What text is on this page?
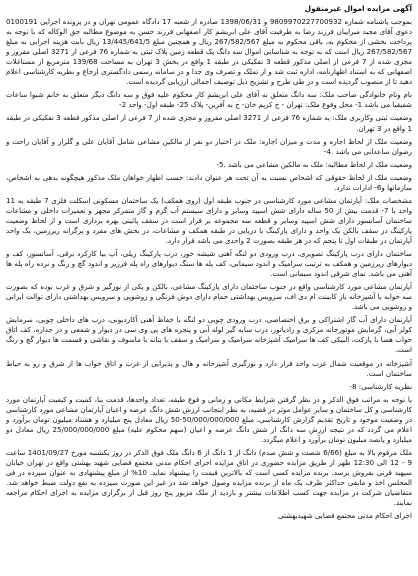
آگهی مزایده اموال غیرمنقول

بموجب پاشنامه شماره 9809970227700932 و 1398/06/31 صادره از شعبه 17 دادگاه عمومی تهران و در پرونده اجرایی 0100191 دعوی آقای مجید میرایبان فرزند رضا به طرفیت آقای علی ابریشم کار اصفهانی فرزند حسن به موضوع مطالبه حق الوکاله که با توجه به پرداخت بخشی از محکوم به، باقی محکوم به مبلغ 267/582/567 ریال و همچنین مبلغ 13/445/641/5 ریال بابت هزینه اجرایی به مبلغ 267/582/567 ریال است که به توجه به شناسایی اموال سه دانگ یک قطعه زمین پلاک ثبتی به شماره 76 فرعی از 3271 اصلی مفروز و مجزی شده از 7 فرعی از اصلی مذکور قطعه 3 تفکیکی در طبقه 1 واقع در بخش 3 تهران به مساحت 139/68 مترمربع از مستاغلات اصفهانی که به استناد اظهارنامه، اداره ثبت شد و از تملک و تصرف وی جدا و در سامانه رسمی دادگستری ارجاع و نظریه کارشناسی اعلام دهید تا از منصوب گردیده است و در طی طرح و تشریح ذیل توصیف اجمالی ارزیابی گردیده است.

نام ونام خانوادگی صاحب ملک: سه دانگ متعلق به آقای علی ابریشم کار محکوم علیه فوق و سه دانگ دیگر متعلق به خانم شیوا ساعات شفیقیا می باشد 1- محل وقوع ملک: تهران - خ کریم خان- خ به آفرین- پلاک 25- طبقه اول- واحد 2-

وضعیت ثبتی وکاربری ملک: به شماره 76 فرعی از 3271 اصلی مفروز و مجزی شده از 7 فرعی از اصلی مذکور قطعه 3 تفکیکی در طبقه 1 واقع در 3 تهران.

وضعیت ملک از لحاظ اجاره و مدت و میزان اجاره: ملک در اختیار دو نفر از مالکین مشاعی شامل آقایان علی و گلزار و آقایان راحت و رضوان ساعدانی می باشد .4-

وضعیت ملک از لحاظ مطالبه: ملک به مالکین مشاعی می باشد .5-

وضعیت ملک از لحاظ حقوقی که اشخاص نسبت به آن تحت هر عنوان دادند: حسب اظهار خواهان ملک مذکور هیچگونه بدهی به اشخاص، سازمانها و6- ادارات ندارد.

مشخصات ملک: آپارتمان مشاعی مورد کارشناسی در جنوب طبقه اول (روی همکف) یک ساختمان مسکونی اسکلت فلزی 7 طبقه به 11 واحد با 7- قدمت بیش از 50 ساله دارای شش اسپید وسایر و دارای سیستم آب گرم و گاز متمرکز مجهز و تعمیرات داخلی و مشاعات ساختمان آسانسور دارای شش اسپید وسایر و قطعه سه مجموعه بر قرار است در سقف پائینی بهره برداری است و از لحاظ وضعیت پارکینگ در سقف بالکن یک واحد و دارای پارکینگ با دریایی در طبقه همکف و مشاعات، در بخش های مفرد و پرگرانه زیرزمین، یک واحد آپارتمان در طبقات اول تا پنجم که در هر طبقه بصورت 2 واحدی می باشد قرار دارد.

ساختمان دارای درب پارکینگ تصویری، درب ورودی دو لنگه آهنی شیشه خور، درب پارکینگ ریلی، آپ بیا کارکرد برقی، آسانسور، کف و دیوارهای زیرزمین و همکف به ترتیب سرامیک و اندود سیمانی، کف پله ها سنگ دیوارهای راه پله فرزیر و اندود گچ و رنگ و نرده راه پله ها آهنی می باشد. نمای شرقی اندود سیمانی است.

آپارتمان مشاعی مورد کارشناسی واقع در جنوب ساختمان دارای پارکینگ مشاعی، بالکن و یکی از نورگیر و شرق و غرب بوده که بصورت سه خوابه با آشپزخانه باز کابینت ام دی اف، سرویس بهداشتی حمام دارای دوش فرنگی و روشویی و سرویس بهداشتی دارای توالت ایرانی و روشویی می باشد.

آپارتمان دارای آب گاز اشتراکی و برق اختصاصی، درب ورودی چوبی دو لنگه با خفاظ آهنی آکاردیونی، درب های داخلی چوبی، سرمایش کولر آبی، گرمایش موتورخانه مرکزی و رادیاتور، درب سایه گیر لوله آبی و پنجره های پی وی سی در دیوار و شمعی و در جداره، کف اتاق خواب هسا با پارکت، البیکی کف ها سرامیک آشپزخانه سرامیک و سرامیک و سقف با بتانه با ماسوف و نقاشی و قسمت ها دیوار گچ و رنگ است.

آشپزخانه در موقعیت شمال غرب واحد قرار دارد و نورگیری آشپزخانه و هال و پذیرایی از غرب و اتاق خواب ها از شرق و رو به حیاط ساختمان است.

نظریه کارشناسی: 8-

با توجه به مراتب فوق الذکر و در نظر گرفتن شرایط مکانی و زمانی و قوع طبقه، تعداد واحدها، قدمت بنا، کمیت و کیفیت آپارتمان مورد کارشناسی و کل ساختمان و سایر عوامل موثر در قضیه، به نظر اینجانب ارزش شش دانگ عرصه و اعیان آپارتمان مشاعی مورد کارشناسی در وضعیت موجود و تاریخ تقدیم گزارش کارشناسی، مبلغ 50/000/000/000-50 ریال معادل پنج میلیارد و هشتاد میلیون تومان برآورد و اعلام می گردد که در نتیجه ارزش سه دانگ از شش دانگ عرصه و اعیان (سهم محکوم علیه) مبلغ 25/000/000/000 ریال معادل دو میلیارد و پانصد میلیون تومان برآورد و اعلام میگردد.

ملک مرقوم بالا به مبلغ (6/66 شصت و شش صدم) دانگ از 1 دانگ از 6 دانگ ملک فوق الذکر در روز یکشنبه مورخ 1401/09/27 ساعت 9 - 12 الی 12:30 ظهر از طریق مزایده حضوری در اتاق مزایده اجرای احکام مدنی مجتمع قضایی شهید بهشتی واقع در تهران خیابان سپهبد قرنی بفروش برسد. برنده مزایده کسی است که بالاترین قیمت را پیشنهاد نماید. 10% از مبلغ پیشنهادی به عنوان سپرده در فی المجلس اخذ و مابقی حداکثر ظرف یک ماه از برنده مزایده وصول خواهد شد در غیر این صورت سپرده به نفع دولت ضبط خواهد شد. متقاضیان شرکت در مزایده جهت کسب اطلاعات بیشتر و بازدید از ملک مزبور پنج روز قبل از برگزاری مزایده به اجرای احکام مراجعه نمایند.

اجرای احکام مدنی مجتمع قضایی شهیدبهشتی
